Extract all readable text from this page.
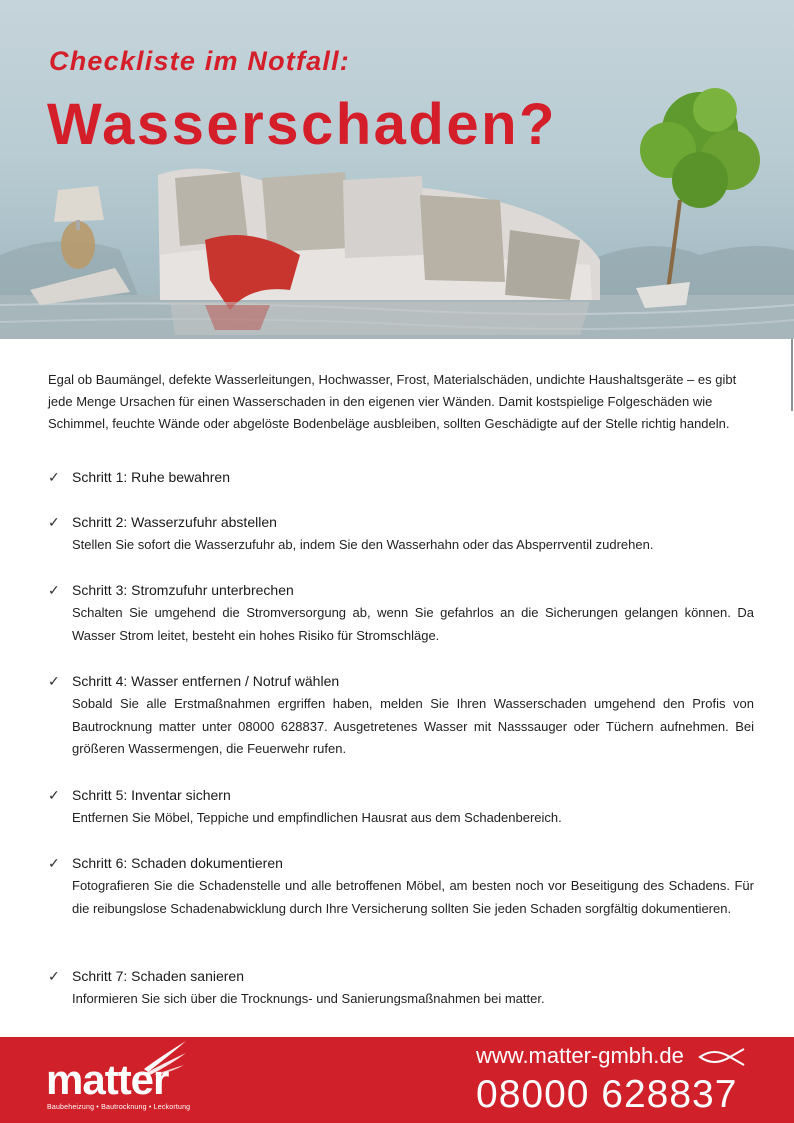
Checkliste im Notfall:
Wasserschaden?
Egal ob Baumängel, defekte Wasserleitungen, Hochwasser, Frost, Materialschäden, undichte Haushaltsgeräte – es gibt jede Menge Ursachen für einen Wasserschaden in den eigenen vier Wänden. Damit kostspielige Folgeschäden wie Schimmel, feuchte Wände oder abgelöste Bodenbeläge ausbleiben, sollten Geschädigte auf der Stelle richtig handeln.
✓ Schritt 1: Ruhe bewahren
✓ Schritt 2: Wasserzufuhr abstellen
Stellen Sie sofort die Wasserzufuhr ab, indem Sie den Wasserhahn oder das Absperrventil zudrehen.
✓ Schritt 3: Stromzufuhr unterbrechen
Schalten Sie umgehend die Stromversorgung ab, wenn Sie gefahrlos an die Sicherungen gelangen können. Da Wasser Strom leitet, besteht ein hohes Risiko für Stromschläge.
✓ Schritt 4: Wasser entfernen / Notruf wählen
Sobald Sie alle Erstmaßnahmen ergriffen haben, melden Sie Ihren Wasserschaden umgehend den Profis von Bautrocknung matter unter 08000 628837. Ausgetretenes Wasser mit Nasssauger oder Tüchern aufnehmen. Bei größeren Wassermengen, die Feuerwehr rufen.
✓ Schritt 5: Inventar sichern
Entfernen Sie Möbel, Teppiche und empfindlichen Hausrat aus dem Schadenbereich.
✓ Schritt 6: Schaden dokumentieren
Fotografieren Sie die Schadenstelle und alle betroffenen Möbel, am besten noch vor Beseitigung des Schadens. Für die reibungslose Schadenabwicklung durch Ihre Versicherung sollten Sie jeden Schaden sorgfältig dokumentieren.
✓ Schritt 7: Schaden sanieren
Informieren Sie sich über die Trocknungs- und Sanierungsmaßnahmen bei matter.
matter
Baubeheizung • Bautrocknung • Leckortung
www.matter-gmbh.de
08000 628837
